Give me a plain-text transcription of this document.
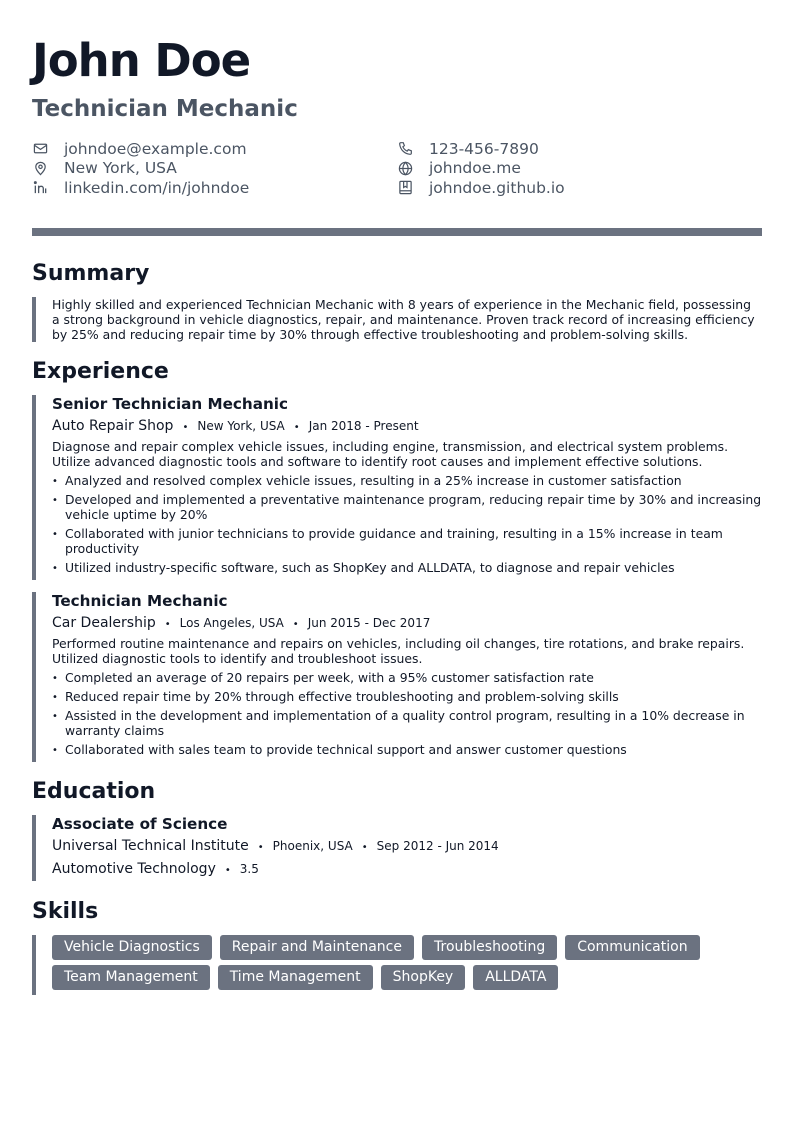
John Doe
Technician Mechanic
johndoe@example.com	123-456-7890
New York, USA	johndoe.me
linkedin.com/in/johndoe	johndoe.github.io
Summary

Highly skilled and experienced Technician Mechanic with 8 years of experience in the Mechanic field, possessing a strong background in vehicle diagnostics, repair, and maintenance. Proven track record of increasing efficiency by 25% and reducing repair time by 30% through effective troubleshooting and problem-solving skills.

Experience
Senior Technician Mechanic
Auto Repair Shop • New York, USA • Jan 2018 - Present

Diagnose and repair complex vehicle issues, including engine, transmission, and electrical system problems. Utilize advanced diagnostic tools and software to identify root causes and implement effective solutions.

• Analyzed and resolved complex vehicle issues, resulting in a 25% increase in customer satisfaction
• Developed and implemented a preventative maintenance program, reducing repair time by 30% and increasing vehicle uptime by 20%
• Collaborated with junior technicians to provide guidance and training, resulting in a 15% increase in team productivity
• Utilized industry-specific software, such as ShopKey and ALLDATA, to diagnose and repair vehicles
Technician Mechanic
Car Dealership • Los Angeles, USA • Jun 2015 - Dec 2017

Performed routine maintenance and repairs on vehicles, including oil changes, tire rotations, and brake repairs. Utilized diagnostic tools to identify and troubleshoot issues.

• Completed an average of 20 repairs per week, with a 95% customer satisfaction rate
• Reduced repair time by 20% through effective troubleshooting and problem-solving skills
• Assisted in the development and implementation of a quality control program, resulting in a 10% decrease in warranty claims
• Collaborated with sales team to provide technical support and answer customer questions
Education
Associate of Science
Universal Technical Institute • Phoenix, USA • Sep 2012 - Jun 2014
Automotive Technology • 3.5
Skills
Vehicle Diagnostics	Repair and Maintenance	Troubleshooting	Communication
Team Management	Time Management	ShopKey	ALLDATA
